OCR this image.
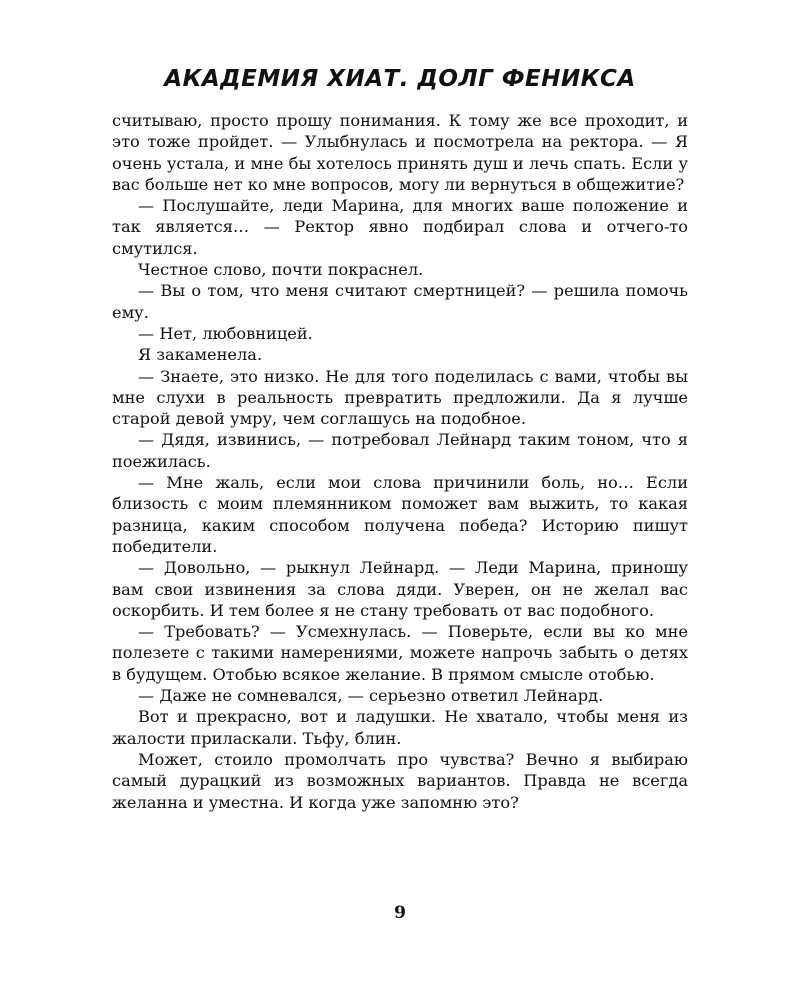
АКАДЕМИЯ ХИАТ. ДОЛГ ФЕНИКСА

считываю, просто прошу понимания. К тому же все проходит, и это тоже пройдет. — Улыбнулась и посмотрела на ректора. — Я очень устала, и мне бы хотелось принять душ и лечь спать. Если у вас больше нет ко мне вопросов, могу ли вернуться в общежитие?

— Послушайте, леди Марина, для многих ваше положение и так является… — Ректор явно подбирал слова и отчего-то смутился.

Честное слово, почти покраснел.

— Вы о том, что меня считают смертницей? — решила помочь ему.

— Нет, любовницей.

Я закаменела.

— Знаете, это низко. Не для того поделилась с вами, чтобы вы мне слухи в реальность превратить предложили. Да я лучше старой девой умру, чем соглашусь на подобное.

— Дядя, извинись, — потребовал Лейнард таким тоном, что я поежилась.

— Мне жаль, если мои слова причинили боль, но… Если близость с моим племянником поможет вам выжить, то какая разница, каким способом получена победа? Историю пишут победители.

— Довольно, — рыкнул Лейнард. — Леди Марина, приношу вам свои извинения за слова дяди. Уверен, он не желал вас оскорбить. И тем более я не стану требовать от вас подобного.

— Требовать? — Усмехнулась. — Поверьте, если вы ко мне полезете с такими намерениями, можете напрочь забыть о детях в будущем. Отобью всякое желание. В прямом смысле отобью.

— Даже не сомневался, — серьезно ответил Лейнард.

Вот и прекрасно, вот и ладушки. Не хватало, чтобы меня из жалости приласкали. Тьфу, блин.

Может, стоило промолчать про чувства? Вечно я выбираю самый дурацкий из возможных вариантов. Правда не всегда желанна и уместна. И когда уже запомню это?

9
